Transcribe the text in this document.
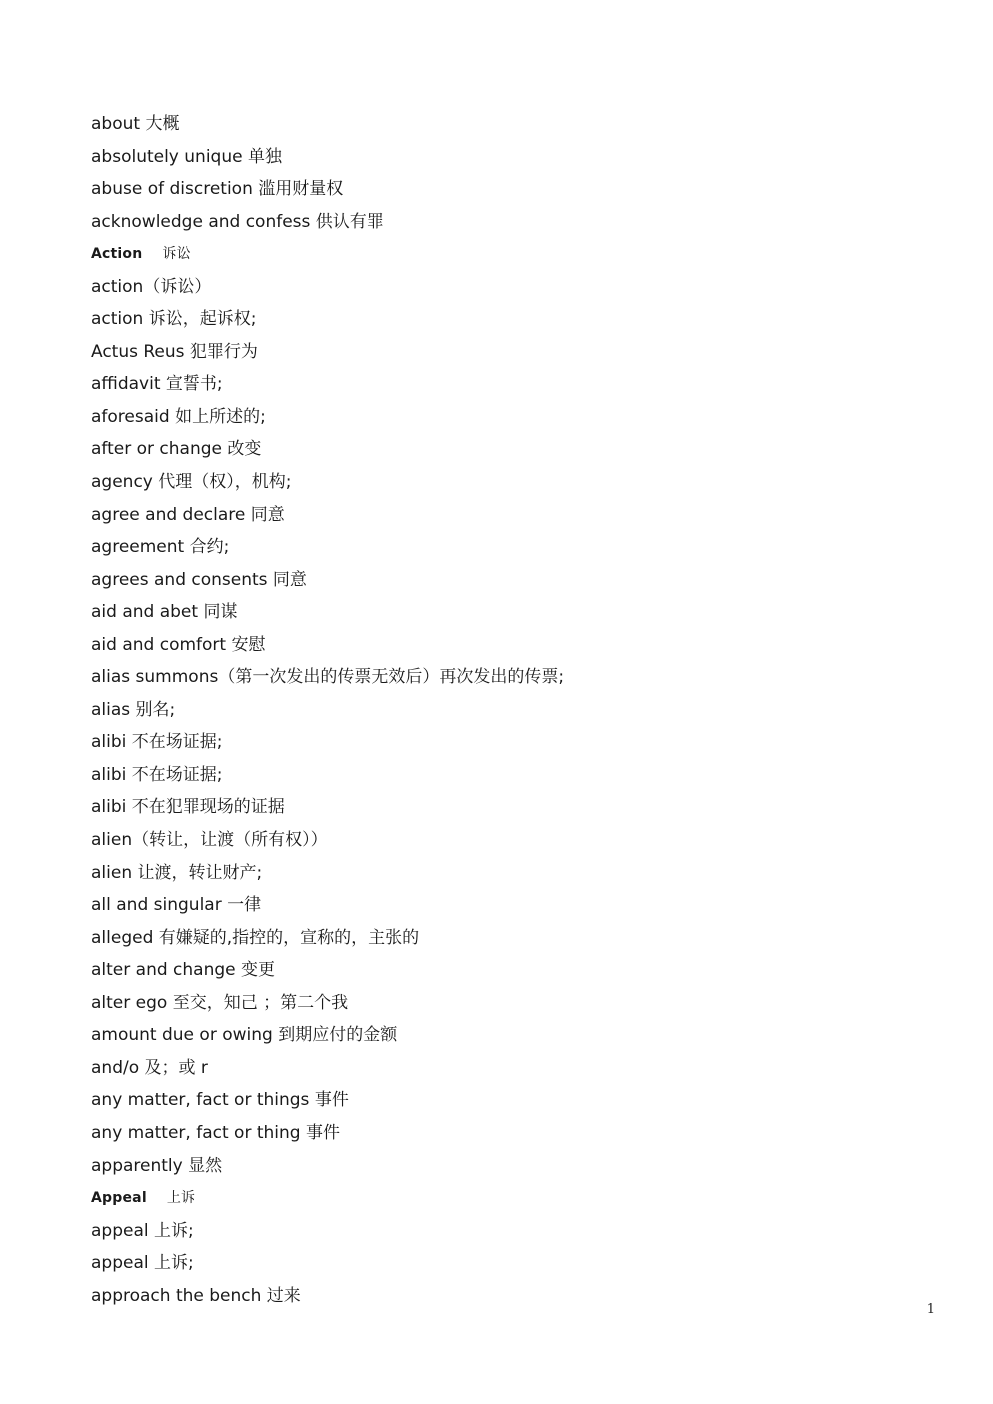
about 大概
absolutely unique 单独
abuse of discretion 滥用财量权
acknowledge and confess 供认有罪
Action 诉讼
action（诉讼）
action 诉讼，起诉权;
Actus Reus 犯罪行为
affidavit 宣誓书;
aforesaid 如上所述的;
after or change 改变
agency 代理（权），机构;
agree and declare 同意
agreement 合约;
agrees and consents 同意
aid and abet 同谋
aid and comfort 安慰
alias summons（第一次发出的传票无效后）再次发出的传票;
alias 别名;
alibi 不在场证据;
alibi 不在场证据;
alibi 不在犯罪现场的证据
alien（转让，让渡（所有权））
alien 让渡，转让财产;
all and singular 一律
alleged 有嫌疑的,指控的，宣称的，主张的
alter and change 变更
alter ego 至交，知己 ；第二个我
amount due or owing 到期应付的金额
and/o 及；或 r
any matter, fact or things 事件
any matter, fact or thing 事件
apparently 显然
Appeal 上诉
appeal 上诉;
appeal 上诉;
approach the bench 过来
1
